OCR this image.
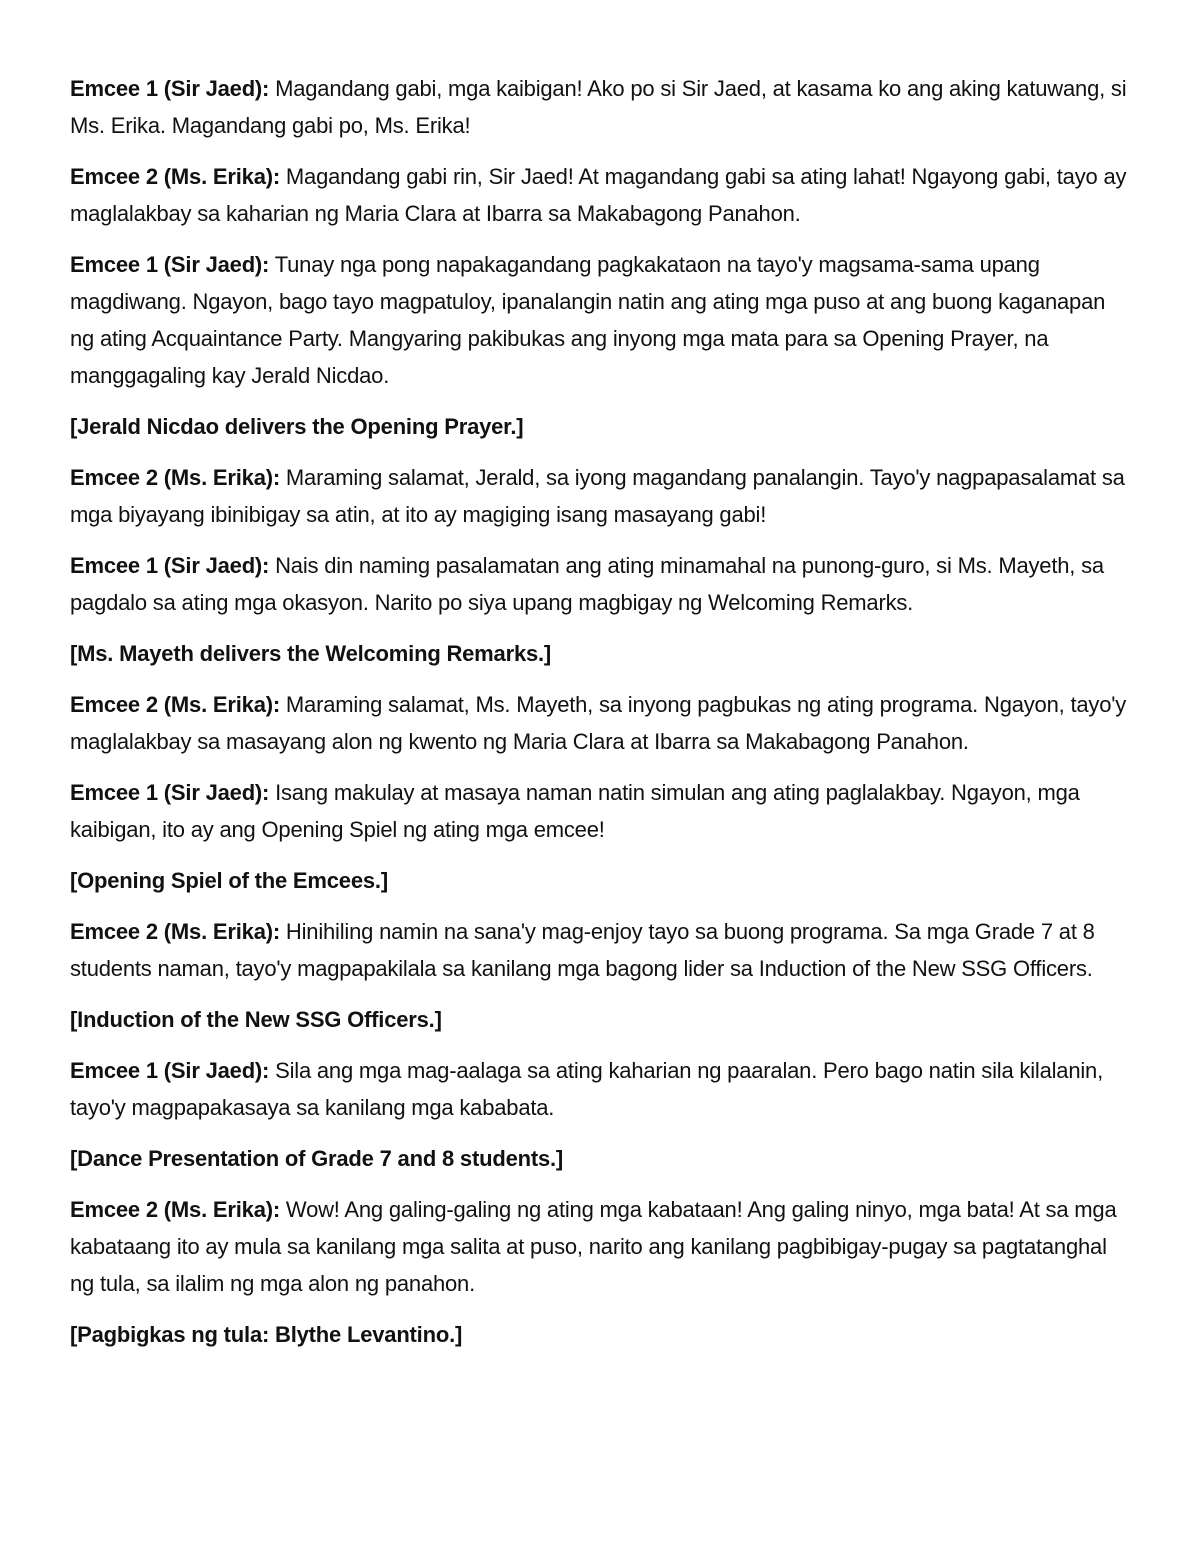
Emcee 1 (Sir Jaed): Magandang gabi, mga kaibigan! Ako po si Sir Jaed, at kasama ko ang aking katuwang, si Ms. Erika. Magandang gabi po, Ms. Erika!

Emcee 2 (Ms. Erika): Magandang gabi rin, Sir Jaed! At magandang gabi sa ating lahat! Ngayong gabi, tayo ay maglalakbay sa kaharian ng Maria Clara at Ibarra sa Makabagong Panahon.

Emcee 1 (Sir Jaed): Tunay nga pong napakagandang pagkakataon na tayo'y magsama-sama upang magdiwang. Ngayon, bago tayo magpatuloy, ipanalangin natin ang ating mga puso at ang buong kaganapan ng ating Acquaintance Party. Mangyaring pakibukas ang inyong mga mata para sa Opening Prayer, na manggagaling kay Jerald Nicdao.

[Jerald Nicdao delivers the Opening Prayer.]

Emcee 2 (Ms. Erika): Maraming salamat, Jerald, sa iyong magandang panalangin. Tayo'y nagpapasalamat sa mga biyayang ibinibigay sa atin, at ito ay magiging isang masayang gabi!

Emcee 1 (Sir Jaed): Nais din naming pasalamatan ang ating minamahal na punong-guro, si Ms. Mayeth, sa pagdalo sa ating mga okasyon. Narito po siya upang magbigay ng Welcoming Remarks.

[Ms. Mayeth delivers the Welcoming Remarks.]

Emcee 2 (Ms. Erika): Maraming salamat, Ms. Mayeth, sa inyong pagbukas ng ating programa. Ngayon, tayo'y maglalakbay sa masayang alon ng kwento ng Maria Clara at Ibarra sa Makabagong Panahon.

Emcee 1 (Sir Jaed): Isang makulay at masaya naman natin simulan ang ating paglalakbay. Ngayon, mga kaibigan, ito ay ang Opening Spiel ng ating mga emcee!

[Opening Spiel of the Emcees.]

Emcee 2 (Ms. Erika): Hinihiling namin na sana'y mag-enjoy tayo sa buong programa. Sa mga Grade 7 at 8 students naman, tayo'y magpapakilala sa kanilang mga bagong lider sa Induction of the New SSG Officers.

[Induction of the New SSG Officers.]

Emcee 1 (Sir Jaed): Sila ang mga mag-aalaga sa ating kaharian ng paaralan. Pero bago natin sila kilalanin, tayo'y magpapakasaya sa kanilang mga kababata.

[Dance Presentation of Grade 7 and 8 students.]

Emcee 2 (Ms. Erika): Wow! Ang galing-galing ng ating mga kabataan! Ang galing ninyo, mga bata! At sa mga kabataang ito ay mula sa kanilang mga salita at puso, narito ang kanilang pagbibigay-pugay sa pagtatanghal ng tula, sa ilalim ng mga alon ng panahon.

[Pagbigkas ng tula: Blythe Levantino.]
